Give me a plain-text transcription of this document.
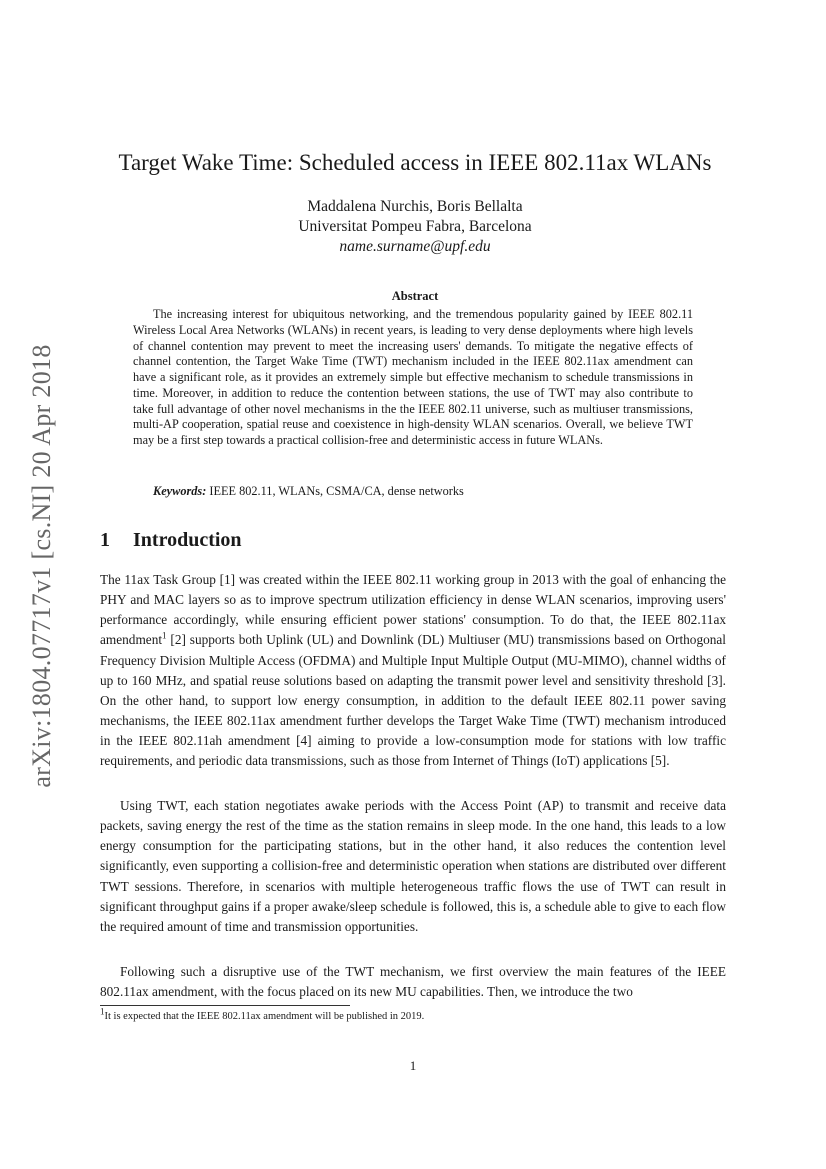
arXiv:1804.07717v1 [cs.NI] 20 Apr 2018
Target Wake Time: Scheduled access in IEEE 802.11ax WLANs
Maddalena Nurchis, Boris Bellalta
Universitat Pompeu Fabra, Barcelona
name.surname@upf.edu
Abstract
The increasing interest for ubiquitous networking, and the tremendous popularity gained by IEEE 802.11 Wireless Local Area Networks (WLANs) in recent years, is leading to very dense deployments where high levels of channel contention may prevent to meet the increasing users' demands. To mitigate the negative effects of channel contention, the Target Wake Time (TWT) mechanism included in the IEEE 802.11ax amendment can have a significant role, as it provides an extremely simple but effective mechanism to schedule transmissions in time. Moreover, in addition to reduce the contention between stations, the use of TWT may also contribute to take full advantage of other novel mechanisms in the the IEEE 802.11 universe, such as multiuser transmissions, multi-AP cooperation, spatial reuse and coexistence in high-density WLAN scenarios. Overall, we believe TWT may be a first step towards a practical collision-free and deterministic access in future WLANs.
Keywords: IEEE 802.11, WLANs, CSMA/CA, dense networks
1 Introduction

The 11ax Task Group [1] was created within the IEEE 802.11 working group in 2013 with the goal of enhancing the PHY and MAC layers so as to improve spectrum utilization efficiency in dense WLAN scenarios, improving users' performance accordingly, while ensuring efficient power stations' consumption. To do that, the IEEE 802.11ax amendment$^1$ [2] supports both Uplink (UL) and Downlink (DL) Multiuser (MU) transmissions based on Orthogonal Frequency Division Multiple Access (OFDMA) and Multiple Input Multiple Output (MU-MIMO), channel widths of up to 160 MHz, and spatial reuse solutions based on adapting the transmit power level and sensitivity threshold [3]. On the other hand, to support low energy consumption, in addition to the default IEEE 802.11 power saving mechanisms, the IEEE 802.11ax amendment further develops the Target Wake Time (TWT) mechanism introduced in the IEEE 802.11ah amendment [4] aiming to provide a low-consumption mode for stations with low traffic requirements, and periodic data transmissions, such as those from Internet of Things (IoT) applications [5].

Using TWT, each station negotiates awake periods with the Access Point (AP) to transmit and receive data packets, saving energy the rest of the time as the station remains in sleep mode. In the one hand, this leads to a low energy consumption for the participating stations, but in the other hand, it also reduces the contention level significantly, even supporting a collision-free and deterministic operation when stations are distributed over different TWT sessions. Therefore, in scenarios with multiple heterogeneous traffic flows the use of TWT can result in significant throughput gains if a proper awake/sleep schedule is followed, this is, a schedule able to give to each flow the required amount of time and transmission opportunities.

Following such a disruptive use of the TWT mechanism, we first overview the main features of the IEEE 802.11ax amendment, with the focus placed on its new MU capabilities. Then, we introduce the two

$^1$It is expected that the IEEE 802.11ax amendment will be published in 2019.
1
